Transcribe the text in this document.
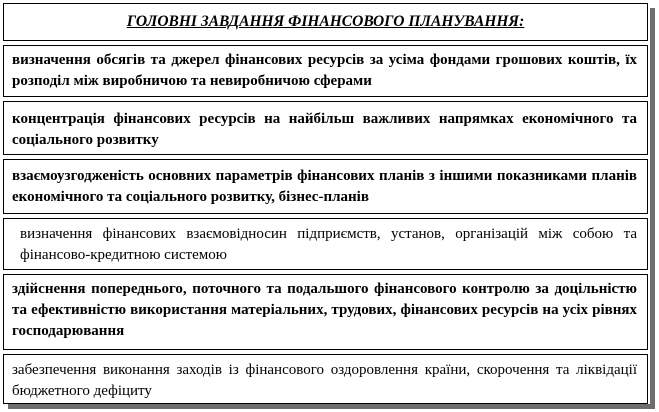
ГОЛОВНІ ЗАВДАННЯ ФІНАНСОВОГО ПЛАНУВАННЯ:
визначення обсягів та джерел фінансових ресурсів за усіма фондами грошових коштів, їх розподіл між виробничою та невиробничою сферами
концентрація фінансових ресурсів на найбільш важливих напрямках економічного та соціального розвитку
взаємоузгодженість основних параметрів фінансових планів з іншими показниками планів економічного та соціального розвитку, бізнес-планів
визначення фінансових взаємовідносин підприємств, установ, організацій між собою та фінансово-кредитною системою
здійснення попереднього, поточного та подальшого фінансового контролю за доцільністю та ефективністю використання матеріальних, трудових, фінансових ресурсів на усіх рівнях господарювання
забезпечення виконання заходів із фінансового оздоровлення країни, скорочення та ліквідації бюджетного дефіциту
